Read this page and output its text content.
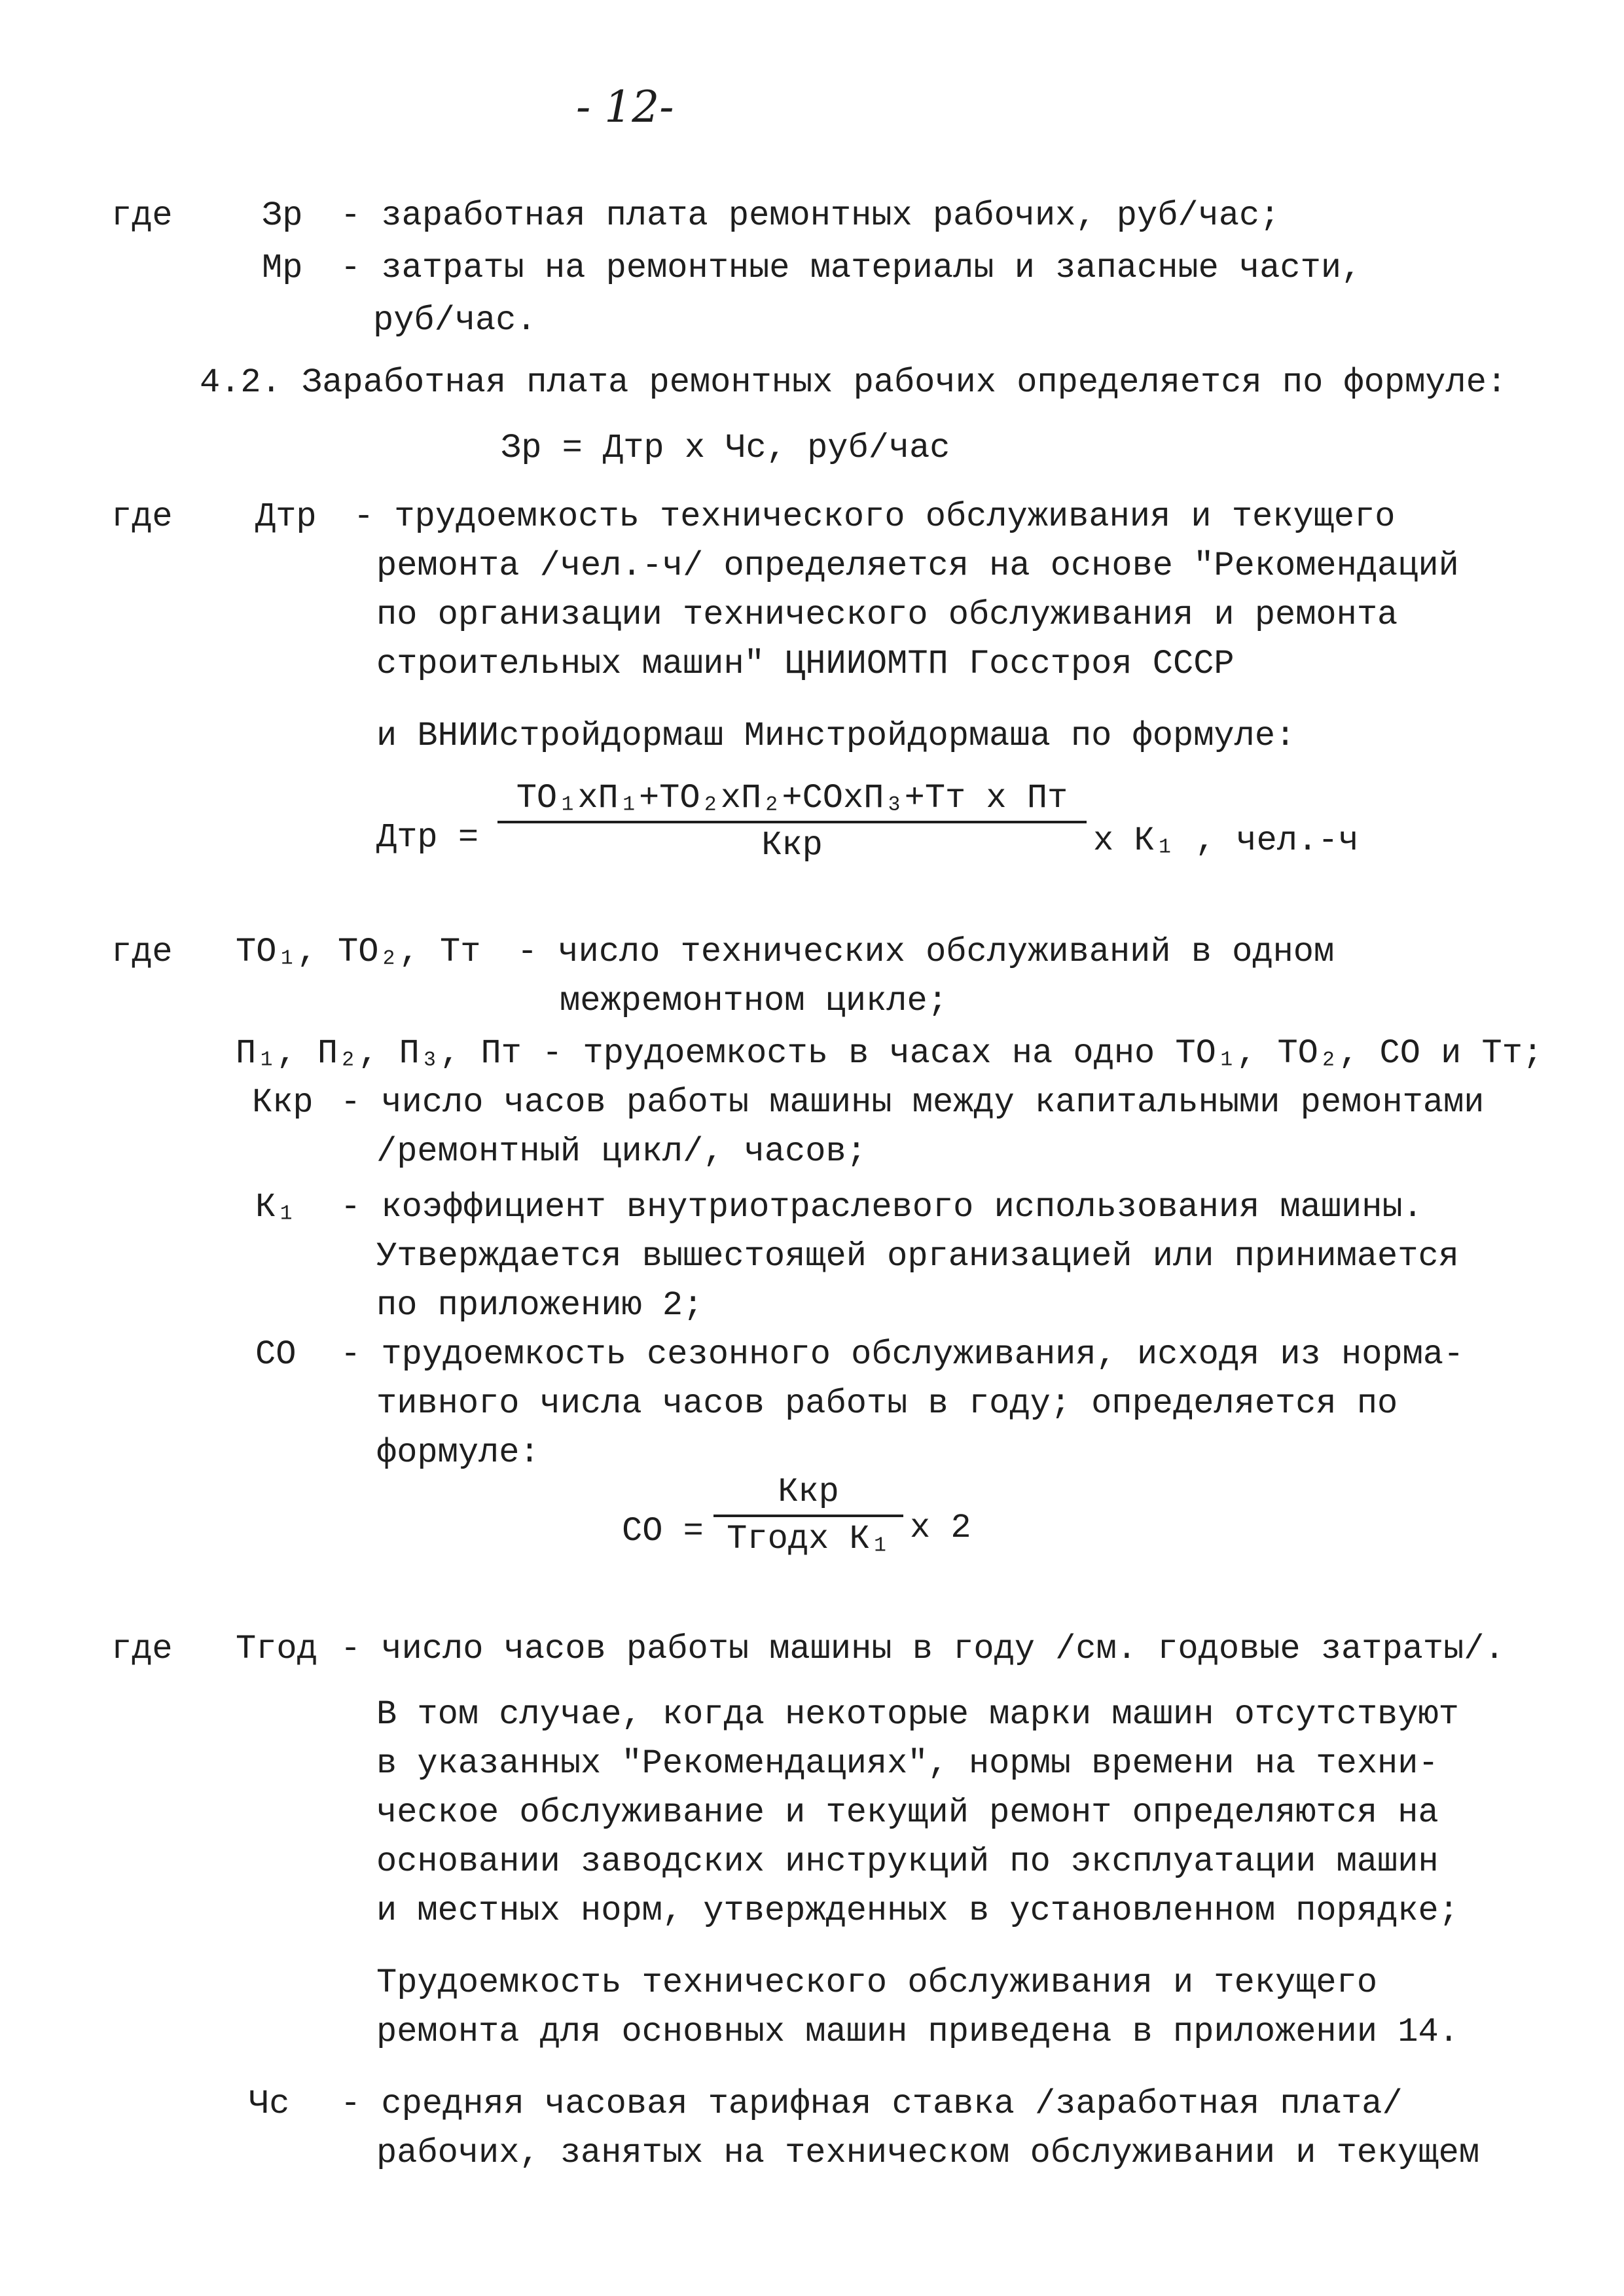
- 12-
где	Зр - заработная плата ремонтных рабочих, руб/час;
Мр - затраты на ремонтные материалы и запасные части,
руб/час.
4.2. Заработная плата ремонтных рабочих определяется по формуле:
Зр = Дтр х Чс, руб/час
где Дтр - трудоемкость технического обслуживания и текущего
ремонта /чел.-ч/ определяется на основе "Рекомендаций
по организации технического обслуживания и ремонта
строительных машин" ЦНИИОМТП Госстроя СССР
и ВНИИстройдормаш Минстройдормаша по формуле:
Дтр =
ТО₁хП₁+ТО₂хП₂+СОхП₃+Тт х Пт
Ккр	х К₁ , чел.-ч
где ТО₁, ТО₂, Тт - число технических обслуживаний в одном
межремонтном цикле;
П₁, П₂, П₃, Пт - трудоемкость в часах на одно ТО₁, ТО₂, СО и Тт;
Ккр - число часов работы машины между капитальными ремонтами
/ремонтный цикл/, часов;
К₁ - коэффициент внутриотраслевого использования машины.
Утверждается вышестоящей организацией или принимается
по приложению 2;
СО - трудоемкость сезонного обслуживания, исходя из норма-
тивного числа часов работы в году; определяется по
формуле:
СО =
Ккр
Тгодх К₁ х 2
где Тгод - число часов работы машины в году /см. годовые затраты/.
В том случае, когда некоторые марки машин отсутствуют
в указанных "Рекомендациях", нормы времени на техни-
ческое обслуживание и текущий ремонт определяются на
основании заводских инструкций по эксплуатации машин
и местных норм, утвержденных в установленном порядке;
Трудоемкость технического обслуживания и текущего
ремонта для основных машин приведена в приложении 14.
Чс - средняя часовая тарифная ставка /заработная плата/
рабочих, занятых на техническом обслуживании и текущем
